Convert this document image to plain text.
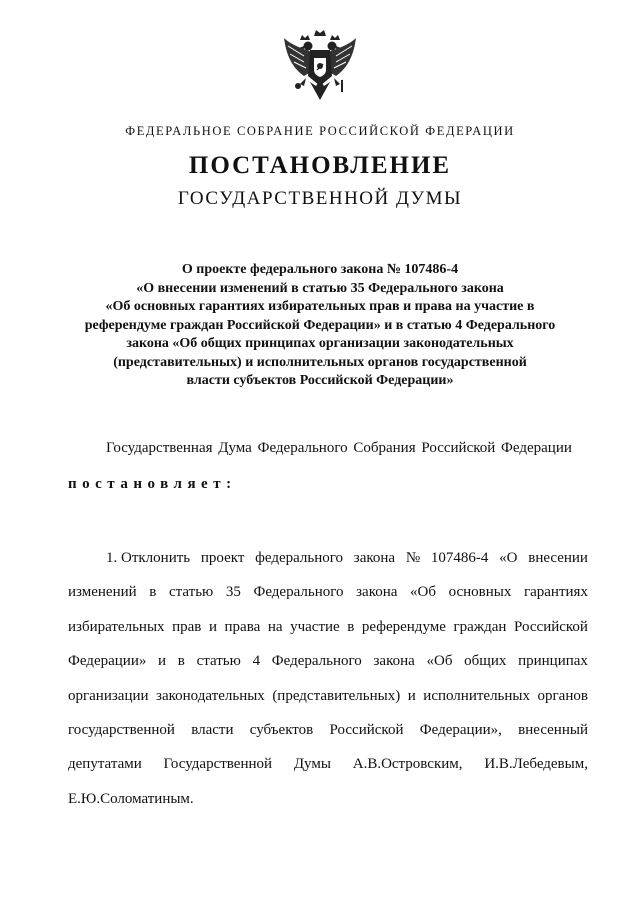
ФЕДЕРАЛЬНОЕ СОБРАНИЕ РОССИЙСКОЙ ФЕДЕРАЦИИ
ПОСТАНОВЛЕНИЕ
ГОСУДАРСТВЕННОЙ ДУМЫ
О проекте федерального закона № 107486-4
«О внесении изменений в статью 35 Федерального закона
«Об основных гарантиях избирательных прав и права на участие в
референдуме граждан Российской Федерации» и в статью 4 Федерального
закона «Об общих принципах организации законодательных
(представительных) и исполнительных органов государственной
власти субъектов Российской Федерации»
Государственная Дума Федерального Собрания Российской Федерации
постановляет:
1. Отклонить проект федерального закона № 107486-4 «О внесении
изменений в статью 35 Федерального закона «Об основных гарантиях
избирательных прав и права на участие в референдуме граждан Российской
Федерации» и в статью 4 Федерального закона «Об общих принципах
организации законодательных (представительных) и исполнительных органов
государственной власти субъектов Российской Федерации», внесенный
депутатами Государственной Думы А.В.Островским, И.В.Лебедевым,
Е.Ю.Соломатиным.
